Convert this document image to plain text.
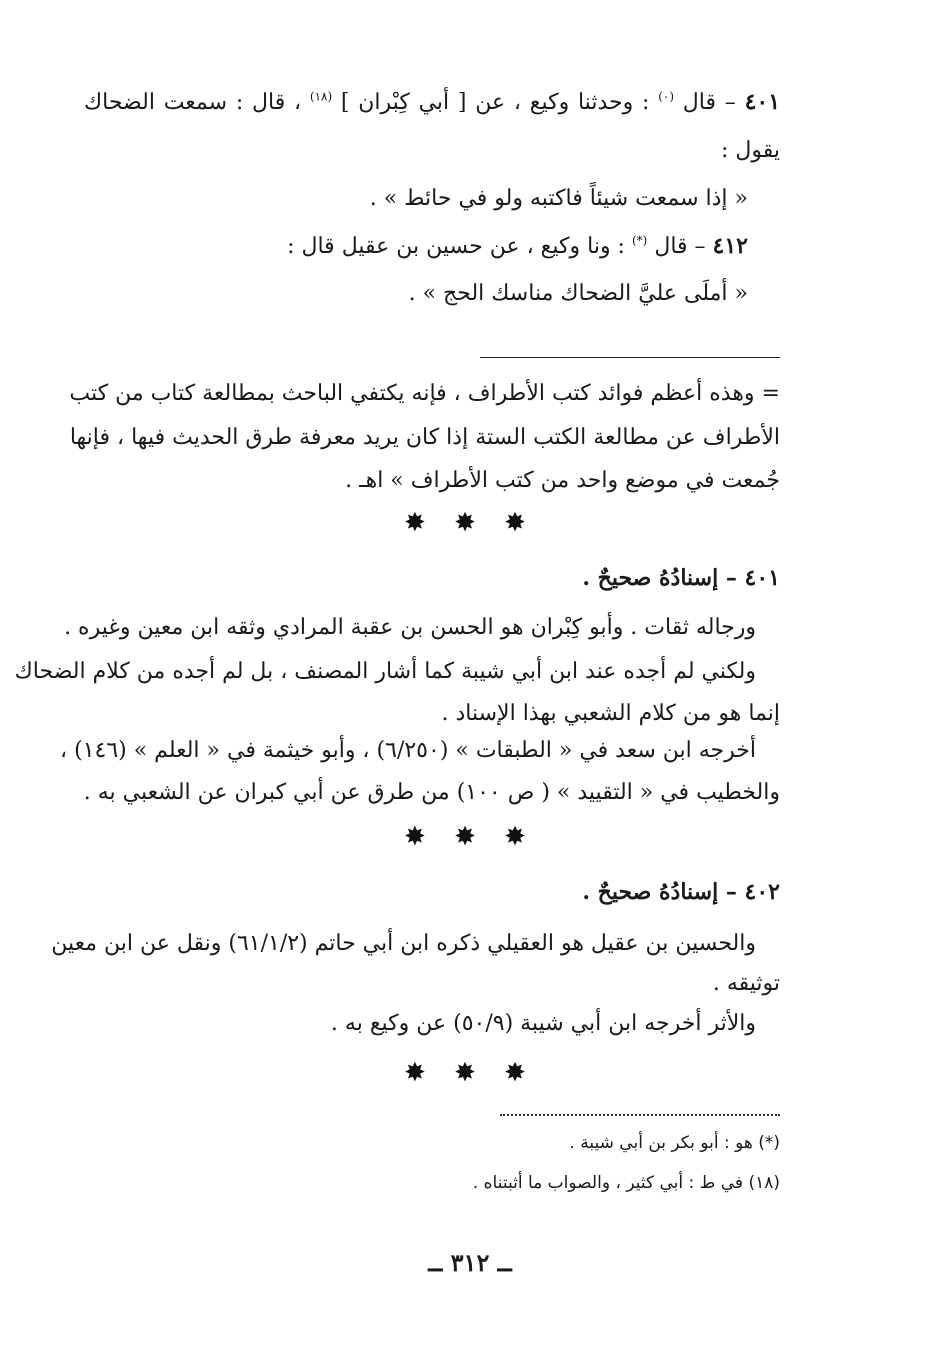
٤٠١ – قال $^{(٠)}$ : وحدثنا وكيع ، عن [ أبي كِبْران ] $^{(١٨)}$ ، قال : سمعت الضحاك
يقول :
« إذا سمعت شيئاً فاكتبه ولو في حائط » .
٤١٢ – قال (*) : ونا وكيع ، عن حسين بن عقيل قال :
« أملَى عليَّ الضحاك مناسك الحج » .
= وهذه أعظم فوائد كتب الأطراف ، فإنه يكتفي الباحث بمطالعة كتاب من كتب
الأطراف عن مطالعة الكتب الستة إذا كان يريد معرفة طرق الحديث فيها ، فإنها
جُمعت في موضع واحد من كتب الأطراف » اهـ .
✸ ✸ ✸
٤٠١ – إسنادُهُ صحيحٌ .
ورجاله ثقات . وأبو كِبْران هو الحسن بن عقبة المرادي وثقه ابن معين وغيره .
ولكني لم أجده عند ابن أبي شيبة كما أشار المصنف ، بل لم أجده من كلام الضحاك
إنما هو من كلام الشعبي بهذا الإسناد .
أخرجه ابن سعد في « الطبقات » (٦/٢٥٠) ، وأبو خيثمة في « العلم » (١٤٦) ،
والخطيب في « التقييد » ( ص ١٠٠) من طرق عن أبي كبران عن الشعبي به .
✸ ✸ ✸
٤٠٢ – إسنادُهُ صحيحٌ .
والحسين بن عقيل هو العقيلي ذكره ابن أبي حاتم (٦١/١/٢) ونقل عن ابن معين
توثيقه .
والأثر أخرجه ابن أبي شيبة (٥٠/٩) عن وكيع به .
✸ ✸ ✸
(*) هو : أبو بكر بن أبي شيبة .
(١٨) في ط : أبي كثير ، والصواب ما أثبتناه .
ــ ٣١٢ ــ
